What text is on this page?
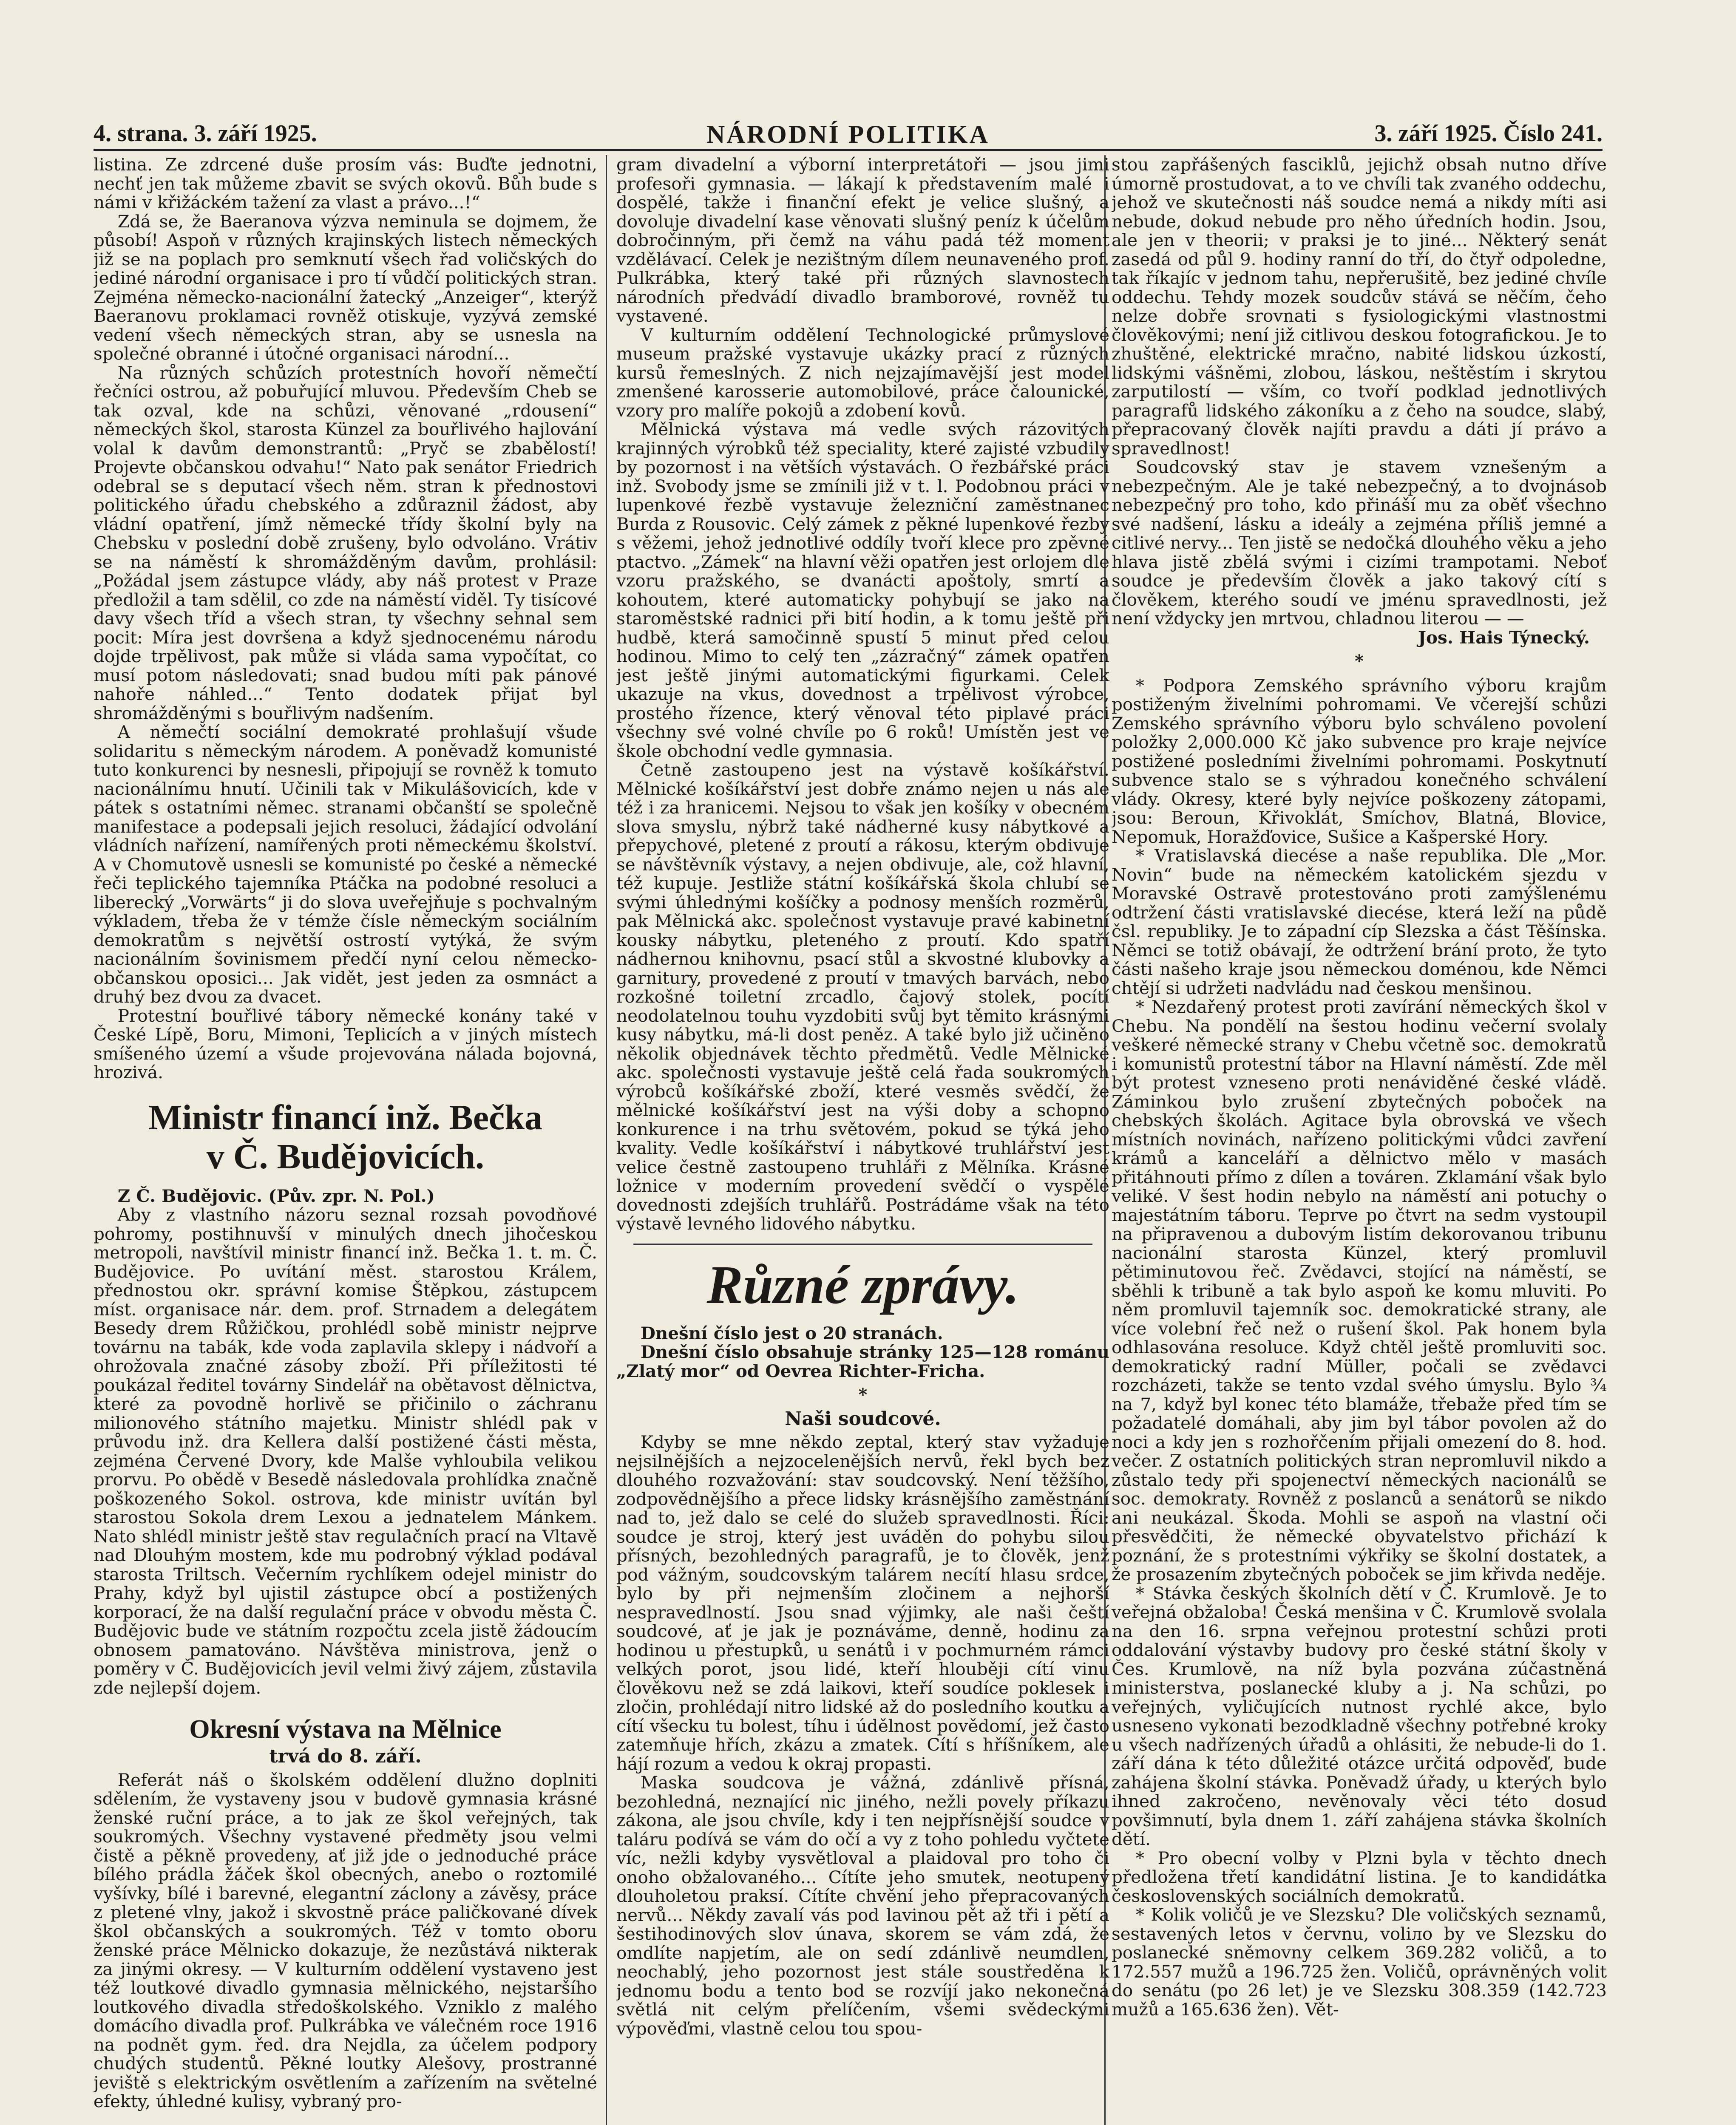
4. strana. 3. září 1925.	NÁRODNÍ POLITIKA	3. září 1925. Číslo 241.

listina. Ze zdrcené duše prosím vás: Buďte jednotni, nechť jen tak můžeme zbavit se svých okovů. Bůh bude s námi v křižáckém tažení za vlast a právo...!“

Zdá se, že Baeranova výzva neminula se dojmem, že působí! Aspoň v různých krajinských listech německých již se na poplach pro semknutí všech řad voličských do jediné národní organisace i pro tí vůdčí politických stran. Zejména německo-nacionální žatecký „Anzeiger“, kterýž Baeranovu proklamaci rovněž otiskuje, vyzývá zemské vedení všech německých stran, aby se usnesla na společné obranné i útočné organisaci národní...

Na různých schůzích protestních hovoří němečtí řečníci ostrou, až pobuřující mluvou. Především Cheb se tak ozval, kde na schůzi, věnované „rdousení“ německých škol, starosta Künzel za bouřlivého hajlování volal k davům demonstrantů: „Pryč se zbabělostí! Projevte občanskou odvahu!“ Nato pak senátor Friedrich odebral se s deputací všech něm. stran k přednostovi politického úřadu chebského a zdůraznil žádost, aby vládní opatření, jímž německé třídy školní byly na Chebsku v poslední době zrušeny, bylo odvoláno. Vrátiv se na náměstí k shromážděným davům, prohlásil: „Požádal jsem zástupce vlády, aby náš protest v Praze předložil a tam sdělil, co zde na náměstí viděl. Ty tisícové davy všech tříd a všech stran, ty všechny sehnal sem pocit: Míra jest dovršena a když sjednocenému národu dojde trpělivost, pak může si vláda sama vypočítat, co musí potom následovati; snad budou míti pak pánové nahoře náhled...“ Tento dodatek přijat byl shromážděnými s bouřlivým nadšením.

A němečtí sociální demokraté prohlašují všude solidaritu s německým národem. A poněvadž komunisté tuto konkurenci by nesnesli, připojují se rovněž k tomuto nacionálnímu hnutí. Učinili tak v Mikulášovicích, kde v pátek s ostatními němec. stranami občanští se společně manifestace a podepsali jejich resoluci, žádající odvolání vládních nařízení, namířených proti německému školství. A v Chomutově usnesli se komunisté po české a německé řeči teplického tajemníka Ptáčka na podobné resoluci a liberecký „Vorwärts“ ji do slova uveřejňuje s pochvalným výkladem, třeba že v témže čísle německým sociálním demokratům s největší ostrostí vytýká, že svým nacionálním šovinismem předčí nyní celou německo-občanskou oposici... Jak vidět, jest jeden za osmnáct a druhý bez dvou za dvacet.

Protestní bouřlivé tábory německé konány také v České Lípě, Boru, Mimoni, Teplicích a v jiných místech smíšeného území a všude projevována nálada bojovná, hrozivá.

Ministr financí inž. Bečka
v Č. Budějovicích.

Z Č. Budějovic. (Pův. zpr. N. Pol.)

Aby z vlastního názoru seznal rozsah povodňové pohromy, postihnuvší v minulých dnech jihočeskou metropoli, navštívil ministr financí inž. Bečka 1. t. m. Č. Budějovice. Po uvítání měst. starostou Králem, přednostou okr. správní komise Štěpkou, zástupcem míst. organisace nár. dem. prof. Strnadem a delegátem Besedy drem Růžičkou, prohlédl sobě ministr nejprve továrnu na tabák, kde voda zaplavila sklepy i nádvoří a ohrožovala značné zásoby zboží. Při příležitosti té poukázal ředitel továrny Sindelář na obětavost dělnictva, které za povodně horlivě se přičinilo o záchranu milionového státního majetku. Ministr shlédl pak v průvodu inž. dra Kellera další postižené části města, zejména Červené Dvory, kde Malše vyhloubila velikou prorvu. Po obědě v Besedě následovala prohlídka značně poškozeného Sokol. ostrova, kde ministr uvítán byl starostou Sokola drem Lexou a jednatelem Mánkem. Nato shlédl ministr ještě stav regulačních prací na Vltavě nad Dlouhým mostem, kde mu podrobný výklad podával starosta Triltsch. Večerním rychlíkem odejel ministr do Prahy, když byl ujistil zástupce obcí a postižených korporací, že na další regulační práce v obvodu města Č. Budějovic bude ve státním rozpočtu zcela jistě žádoucím obnosem pamatováno. Návštěva ministrova, jenž o poměry v Č. Budějovicích jevil velmi živý zájem, zůstavila zde nejlepší dojem.

Okresní výstava na Mělnice
trvá do 8. září.

Referát náš o školském oddělení dlužno doplniti sdělením, že vystaveny jsou v budově gymnasia krásné ženské ruční práce, a to jak ze škol veřejných, tak soukromých. Všechny vystavené předměty jsou velmi čistě a pěkně provedeny, ať již jde o jednoduché práce bílého prádla žáček škol obecných, anebo o roztomilé vyšívky, bílé i barevné, elegantní záclony a závěsy, práce z pletené vlny, jakož i skvostně práce paličkované dívek škol občanských a soukromých. Též v tomto oboru ženské práce Mělnicko dokazuje, že nezůstává nikterak za jinými okresy. — V kulturním oddělení vystaveno jest též loutkové divadlo gymnasia mělnického, nejstaršího loutkového divadla středoškolského. Vzniklo z malého domácího divadla prof. Pulkrábka ve válečném roce 1916 na podnět gym. řed. dra Nejdla, za účelem podpory chudých studentů. Pěkné loutky Alešovy, prostranné jeviště s elektrickým osvětlením a zařízením na světelné efekty, úhledné kulisy, vybraný pro-

gram divadelní a výborní interpretátoři — jsou jimi profesoři gymnasia. — lákají k představením malé i dospělé, takže i finanční efekt je velice slušný, a dovoluje divadelní kase věnovati slušný peníz k účelům dobročinným, při čemž na váhu padá též moment vzdělávací. Celek je nezištným dílem neunaveného prof. Pulkrábka, který také při různých slavnostech národních předvádí divadlo bramborové, rovněž tu vystavené.

V kulturním oddělení Technologické průmyslové museum pražské vystavuje ukázky prací z různých kursů řemeslných. Z nich nejzajímavější jest model zmenšené karosserie automobilové, práce čalounické, vzory pro malíře pokojů a zdobení kovů.

Mělnická výstava má vedle svých rázovitých krajinných výrobků též speciality, které zajisté vzbudily by pozornost i na větších výstavách. O řezbářské práci inž. Svobody jsme se zmínili již v t. l. Podobnou práci v lupenkové řezbě vystavuje železniční zaměstnanec Burda z Rousovic. Celý zámek z pěkné lupenkové řezby s věžemi, jehož jednotlivé oddíly tvoří klece pro zpěvné ptactvo. „Zámek“ na hlavní věži opatřen jest orlojem dle vzoru pražského, se dvanácti apoštoly, smrtí a kohoutem, které automaticky pohybují se jako na staroměstské radnici při bití hodin, a k tomu ještě při hudbě, která samočinně spustí 5 minut před celou hodinou. Mimo to celý ten „zázračný“ zámek opatřen jest ještě jinými automatickými figurkami. Celek ukazuje na vkus, dovednost a trpělivost výrobce, prostého řízence, který věnoval této piplavé práci všechny své volné chvíle po 6 roků! Umístěn jest ve škole obchodní vedle gymnasia.

Četně zastoupeno jest na výstavě košíkářství. Mělnické košíkářství jest dobře známo nejen u nás ale též i za hranicemi. Nejsou to však jen košíky v obecném slova smyslu, nýbrž také nádherné kusy nábytkové a přepychové, pletené z proutí a rákosu, kterým obdivuje se návštěvník výstavy, a nejen obdivuje, ale, což hlavní, též kupuje. Jestliže státní košíkářská škola chlubí se svými úhlednými košíčky a podnosy menších rozměrů, pak Mělnická akc. společnost vystavuje pravé kabinetní kousky nábytku, pleteného z proutí. Kdo spatří nádhernou knihovnu, psací stůl a skvostné klubovky a garnitury, provedené z proutí v tmavých barvách, nebo rozkošné toiletní zrcadlo, čajový stolek, pocítí neodolatelnou touhu vyzdobiti svůj byt těmito krásnými kusy nábytku, má-li dost peněz. A také bylo již učiněno několik objednávek těchto předmětů. Vedle Mělnické akc. společnosti vystavuje ještě celá řada soukromých výrobců košíkářské zboží, které vesměs svědčí, že mělnické košíkářství jest na výši doby a schopno konkurence i na trhu světovém, pokud se týká jeho kvality. Vedle košíkářství i nábytkové truhlářství jest velice čestně zastoupeno truhláři z Mělníka. Krásné ložnice v moderním provedení svědčí o vyspělé dovednosti zdejších truhlářů. Postrádáme však na této výstavě levného lidového nábytku.

Různé zprávy.

Dnešní číslo jest o 20 stranách.

Dnešní číslo obsahuje stránky 125—128 románu „Zlatý mor“ od Oevrea Richter-Fricha.

*
Naši soudcové.

Kdyby se mne někdo zeptal, který stav vyžaduje nejsilnějších a nejzocelenějších nervů, řekl bych bez dlouhého rozvažování: stav soudcovský. Není těžšího, zodpovědnějšího a přece lidsky krásnějšího zaměstnání nad to, jež dalo se celé do služeb spravedlnosti. Říci: soudce je stroj, který jest uváděn do pohybu silou přísných, bezohledných paragrafů, je to člověk, jenž pod vážným, soudcovským talárem necítí hlasu srdce, bylo by při nejmenším zločinem a nejhorší nespravedlností. Jsou snad výjimky, ale naši čeští soudcové, ať je jak je poznáváme, denně, hodinu za hodinou u přestupků, u senátů i v pochmurném rámci velkých porot, jsou lidé, kteří hlouběji cítí vinu člověkovu než se zdá laikovi, kteří soudíce poklesek i zločin, prohlédají nitro lidské až do posledního koutku a cítí všecku tu bolest, tíhu i údělnost povědomí, jež často zatemňuje hřích, zkázu a zmatek. Cítí s hříšníkem, ale hájí rozum a vedou k okraj propasti.

Maska soudcova je vážná, zdánlivě přísná, bezohledná, neznající nic jiného, nežli povely příkazu zákona, ale jsou chvíle, kdy i ten nejpřísnější soudce v taláru podívá se vám do očí a vy z toho pohledu vyčtete víc, nežli kdyby vysvětloval a plaidoval pro toho či onoho obžalovaného... Cítíte jeho smutek, neotupený dlouholetou praksí. Cítíte chvění jeho přepracovaných nervů... Někdy zavalí vás pod lavinou pět až tři i pětí a šestihodinových slov únava, skorem se vám zdá, že omdlíte napjetím, ale on sedí zdánlivě neumdlen, neochablý, jeho pozornost jest stále soustředěna k jednomu bodu a tento bod se rozvíjí jako nekonečná světlá nit celým přelíčením, všemi svědeckými výpověďmi, vlastně celou tou spou-

stou zapřášených fasciklů, jejichž obsah nutno dříve úmorně prostudovat, a to ve chvíli tak zvaného oddechu, jehož ve skutečnosti náš soudce nemá a nikdy míti asi nebude, dokud nebude pro něho úředních hodin. Jsou, ale jen v theorii; v praksi je to jiné... Některý senát zasedá od půl 9. hodiny ranní do tří, do čtyř odpoledne, tak říkajíc v jednom tahu, nepřerušitě, bez jediné chvíle oddechu. Tehdy mozek soudcův stává se něčím, čeho nelze dobře srovnati s fysiologickými vlastnostmi člověkovými; není již citlivou deskou fotografickou. Je to zhuštěné, elektrické mračno, nabité lidskou úzkostí, lidskými vášněmi, zlobou, láskou, neštěstím i skrytou zarputilostí — vším, co tvoří podklad jednotlivých paragrafů lidského zákoníku a z čeho na soudce, slabý, přepracovaný člověk najíti pravdu a dáti jí právo a spravedlnost!

Soudcovský stav je stavem vznešeným a nebezpečným. Ale je také nebezpečný, a to dvojnásob nebezpečný pro toho, kdo přináší mu za oběť všechno své nadšení, lásku a ideály a zejména příliš jemné a citlivé nervy... Ten jistě se nedočká dlouhého věku a jeho hlava jistě zbělá svými i cizími trampotami. Neboť soudce je především člověk a jako takový cítí s člověkem, kterého soudí ve jménu spravedlnosti, jež není vždycky jen mrtvou, chladnou literou — —

Jos. Hais Týnecký.
*

* Podpora Zemského správního výboru krajům postiženým živelními pohromami. Ve včerejší schůzi Zemského správního výboru bylo schváleno povolení položky 2,000.000 Kč jako subvence pro kraje nejvíce postižené posledními živelními pohromami. Poskytnutí subvence stalo se s výhradou konečného schválení vlády. Okresy, které byly nejvíce poškozeny zátopami, jsou: Beroun, Křivoklát, Smíchov, Blatná, Blovice, Nepomuk, Horažďovice, Sušice a Kašperské Hory.

* Vratislavská diecése a naše republika. Dle „Mor. Novin“ bude na německém katolickém sjezdu v Moravské Ostravě protestováno proti zamýšlenému odtržení části vratislavské diecése, která leží na půdě čsl. republiky. Je to západní cíp Slezska a část Těšínska. Němci se totiž obávají, že odtržení brání proto, že tyto části našeho kraje jsou německou doménou, kde Němci chtějí si udržeti nadvládu nad českou menšinou.

* Nezdařený protest proti zavírání německých škol v Chebu. Na pondělí na šestou hodinu večerní svolaly veškeré německé strany v Chebu včetně soc. demokratů i komunistů protestní tábor na Hlavní náměstí. Zde měl být protest vzneseno proti nenáviděné české vládě. Záminkou bylo zrušení zbytečných poboček na chebských školách. Agitace byla obrovská ve všech místních novinách, nařízeno politickými vůdci zavření krámů a kanceláří a dělnictvo mělo v masách přitáhnouti přímo z dílen a továren. Zklamání však bylo veliké. V šest hodin nebylo na náměstí ani potuchy o majestátním táboru. Teprve po čtvrt na sedm vystoupil na připravenou a dubovým listím dekorovanou tribunu nacionální starosta Künzel, který promluvil pětiminutovou řeč. Zvědavci, stojící na náměstí, se sběhli k tribuně a tak bylo aspoň ke komu mluviti. Po něm promluvil tajemník soc. demokratické strany, ale více volební řeč než o rušení škol. Pak honem byla odhlasována resoluce. Když chtěl ještě promluviti soc. demokratický radní Müller, počali se zvědavci rozcházeti, takže se tento vzdal svého úmyslu. Bylo ¾ na 7, když byl konec této blamáže, třebaže před tím se požadatelé domáhali, aby jim byl tábor povolen až do noci a kdy jen s rozhořčením přijali omezení do 8. hod. večer. Z ostatních politických stran nepromluvil nikdo a zůstalo tedy při spojenectví německých nacionálů se soc. demokraty. Rovněž z poslanců a senátorů se nikdo ani neukázal. Škoda. Mohli se aspoň na vlastní oči přesvědčiti, že německé obyvatelstvo přichází k poznání, že s protestními výkřiky se školní dostatek, a že prosazením zbytečných poboček se jim křivda neděje.

* Stávka českých školních dětí v Č. Krumlově. Je to veřejná obžaloba! Česká menšina v Č. Krumlově svolala na den 16. srpna veřejnou protestní schůzi proti oddalování výstavby budovy pro české státní školy v Čes. Krumlově, na níž byla pozvána zúčastněná ministerstva, poslanecké kluby a j. Na schůzi, po veřejných, vyličujících nutnost rychlé akce, bylo usneseno vykonati bezodkladně všechny potřebné kroky u všech nadřízených úřadů a ohlásiti, že nebude-li do 1. září dána k této důležité otázce určitá odpověď, bude zahájena školní stávka. Poněvadž úřady, u kterých bylo ihned zakročeno, nevěnovaly věci této dosud povšimnutí, byla dnem 1. září zahájena stávka školních dětí.

* Pro obecní volby v Plzni byla v těchto dnech předložena třetí kandidátní listina. Je to kandidátka československých sociálních demokratů.

* Kolik voličů je ve Slezsku? Dle voličských seznamů, sestavených letos v červnu, voliло by ve Slezsku do poslanecké sněmovny celkem 369.282 voličů, a to 172.557 mužů a 196.725 žen. Voličů, oprávněných volit do senátu (po 26 let) je ve Slezsku 308.359 (142.723 mužů a 165.636 žen). Vět-
